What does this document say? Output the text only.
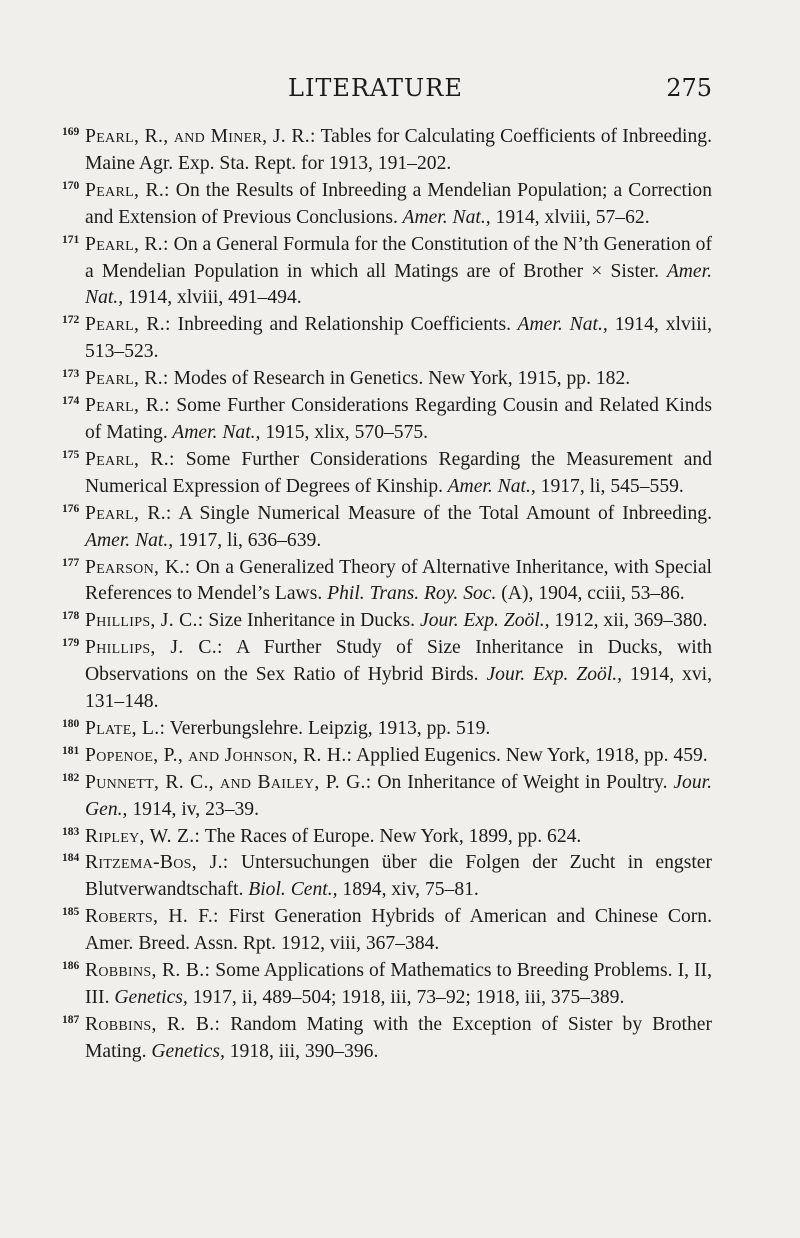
LITERATURE	275
169 Pearl, R., and Miner, J. R.: Tables for Calculating Coefficients of Inbreeding. Maine Agr. Exp. Sta. Rept. for 1913, 191–202.
170 Pearl, R.: On the Results of Inbreeding a Mendelian Population; a Correction and Extension of Previous Conclusions. Amer. Nat., 1914, xlviii, 57–62.
171 Pearl, R.: On a General Formula for the Constitution of the N’th Generation of a Mendelian Population in which all Matings are of Brother × Sister. Amer. Nat., 1914, xlviii, 491–494.
172 Pearl, R.: Inbreeding and Relationship Coefficients. Amer. Nat., 1914, xlviii, 513–523.
173 Pearl, R.: Modes of Research in Genetics. New York, 1915, pp. 182.
174 Pearl, R.: Some Further Considerations Regarding Cousin and Related Kinds of Mating. Amer. Nat., 1915, xlix, 570–575.
175 Pearl, R.: Some Further Considerations Regarding the Measurement and Numerical Expression of Degrees of Kinship. Amer. Nat., 1917, li, 545–559.
176 Pearl, R.: A Single Numerical Measure of the Total Amount of Inbreeding. Amer. Nat., 1917, li, 636–639.
177 Pearson, K.: On a Generalized Theory of Alternative Inheritance, with Special References to Mendel’s Laws. Phil. Trans. Roy. Soc. (A), 1904, cciii, 53–86.
178 Phillips, J. C.: Size Inheritance in Ducks. Jour. Exp. Zoöl., 1912, xii, 369–380.
179 Phillips, J. C.: A Further Study of Size Inheritance in Ducks, with Observations on the Sex Ratio of Hybrid Birds. Jour. Exp. Zoöl., 1914, xvi, 131–148.
180 Plate, L.: Vererbungslehre. Leipzig, 1913, pp. 519.
181 Popenoe, P., and Johnson, R. H.: Applied Eugenics. New York, 1918, pp. 459.
182 Punnett, R. C., and Bailey, P. G.: On Inheritance of Weight in Poultry. Jour. Gen., 1914, iv, 23–39.
183 Ripley, W. Z.: The Races of Europe. New York, 1899, pp. 624.
184 Ritzema-Bos, J.: Untersuchungen über die Folgen der Zucht in engster Blutverwandtschaft. Biol. Cent., 1894, xiv, 75–81.
185 Roberts, H. F.: First Generation Hybrids of American and Chinese Corn. Amer. Breed. Assn. Rpt. 1912, viii, 367–384.
186 Robbins, R. B.: Some Applications of Mathematics to Breeding Problems. I, II, III. Genetics, 1917, ii, 489–504; 1918, iii, 73–92; 1918, iii, 375–389.
187 Robbins, R. B.: Random Mating with the Exception of Sister by Brother Mating. Genetics, 1918, iii, 390–396.
